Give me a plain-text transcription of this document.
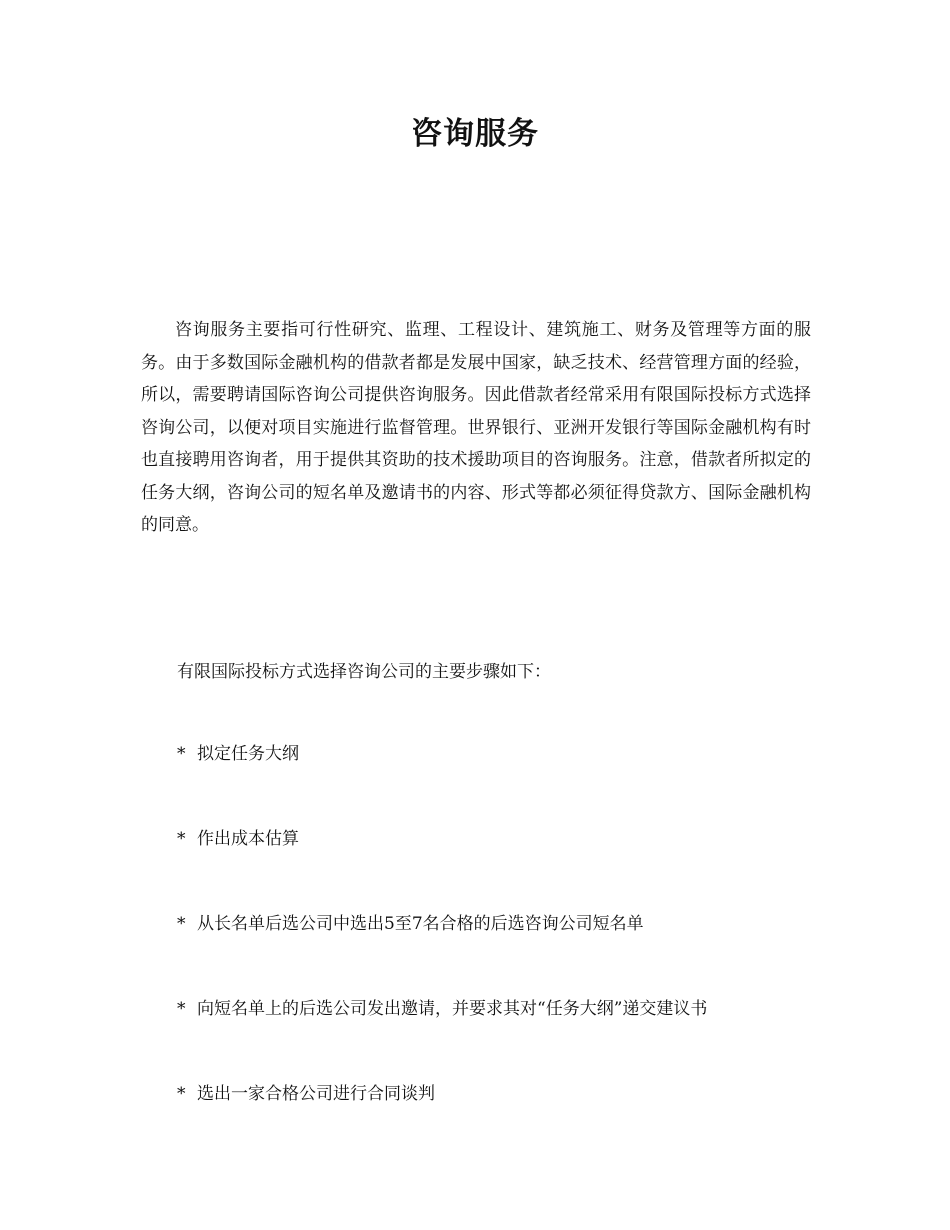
咨询服务

咨询服务主要指可行性研究、监理、工程设计、建筑施工、财务及管理等方面的服务。由于多数国际金融机构的借款者都是发展中国家，缺乏技术、经营管理方面的经验，所以，需要聘请国际咨询公司提供咨询服务。因此借款者经常采用有限国际投标方式选择咨询公司，以便对项目实施进行监督管理。世界银行、亚洲开发银行等国际金融机构有时也直接聘用咨询者，用于提供其资助的技术援助项目的咨询服务。注意，借款者所拟定的任务大纲，咨询公司的短名单及邀请书的内容、形式等都必须征得贷款方、国际金融机构的同意。

有限国际投标方式选择咨询公司的主要步骤如下：

* 拟定任务大纲

* 作出成本估算

* 从长名单后选公司中选出5至7名合格的后选咨询公司短名单

* 向短名单上的后选公司发出邀请，并要求其对“任务大纲”递交建议书

* 选出一家合格公司进行合同谈判
